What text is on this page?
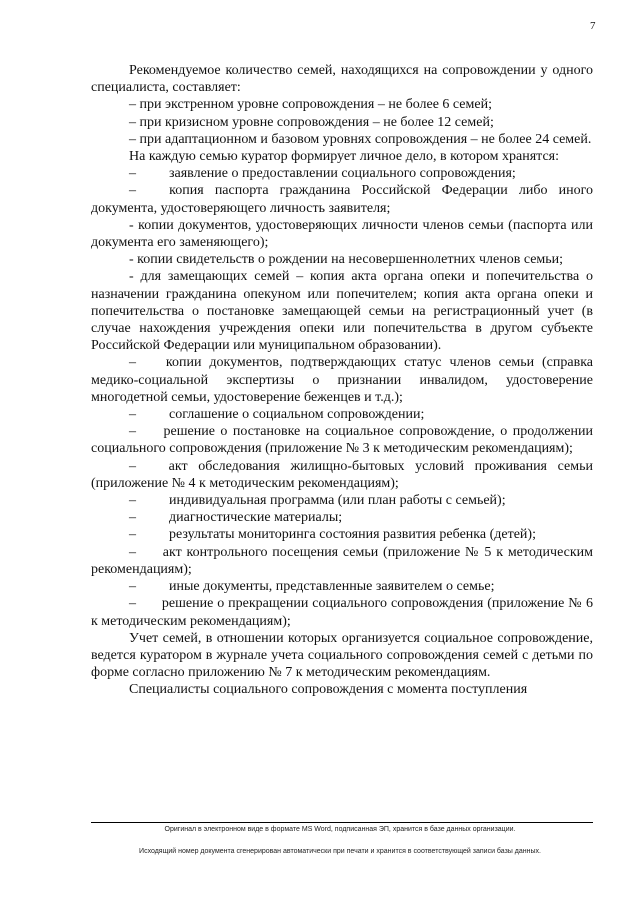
7

Рекомендуемое количество семей, находящихся на сопровождении у одного специалиста, составляет:

– при экстренном уровне сопровождения – не более 6 семей;

– при кризисном уровне сопровождения – не более 12 семей;

– при адаптационном и базовом уровнях сопровождения – не более 24 семей.

На каждую семью куратор формирует личное дело, в котором хранятся:

–	заявление о предоставлении социального сопровождения;

– копия паспорта гражданина Российской Федерации либо иного документа, удостоверяющего личность заявителя;

- копии документов, удостоверяющих личности членов семьи (паспорта или документа его заменяющего);

- копии свидетельств о рождении на несовершеннолетних членов семьи;

- для замещающих семей – копия акта органа опеки и попечительства о назначении гражданина опекуном или попечителем; копия акта органа опеки и попечительства о постановке замещающей семьи на регистрационный учет (в случае нахождения учреждения опеки или попечительства в другом субъекте Российской Федерации или муниципальном образовании).

– копии документов, подтверждающих статус членов семьи (справка медико-социальной экспертизы о признании инвалидом, удостоверение многодетной семьи, удостоверение беженцев и т.д.);

–	соглашение о социальном сопровождении;

– решение о постановке на социальное сопровождение, о продолжении социального сопровождения (приложение № 3 к методическим рекомендациям);

– акт обследования жилищно-бытовых условий проживания семьи (приложение № 4 к методическим рекомендациям);

–	индивидуальная программа (или план работы с семьей);
–	диагностические материалы;
–	результаты мониторинга состояния развития ребенка (детей);

– акт контрольного посещения семьи (приложение № 5 к методическим рекомендациям);

–	иные документы, представленные заявителем о семье;

– решение о прекращении социального сопровождения (приложение № 6 к методическим рекомендациям);

Учет семей, в отношении которых организуется социальное сопровождение, ведется куратором в журнале учета социального сопровождения семей с детьми по форме согласно приложению № 7 к методическим рекомендациям.

Специалисты социального сопровождения с момента поступления

Оригинал в электронном виде в формате MS Word, подписанная ЭП, хранится в базе данных организации.
Исходящий номер документа сгенерирован автоматически при печати и хранится в соответствующей записи базы данных.
